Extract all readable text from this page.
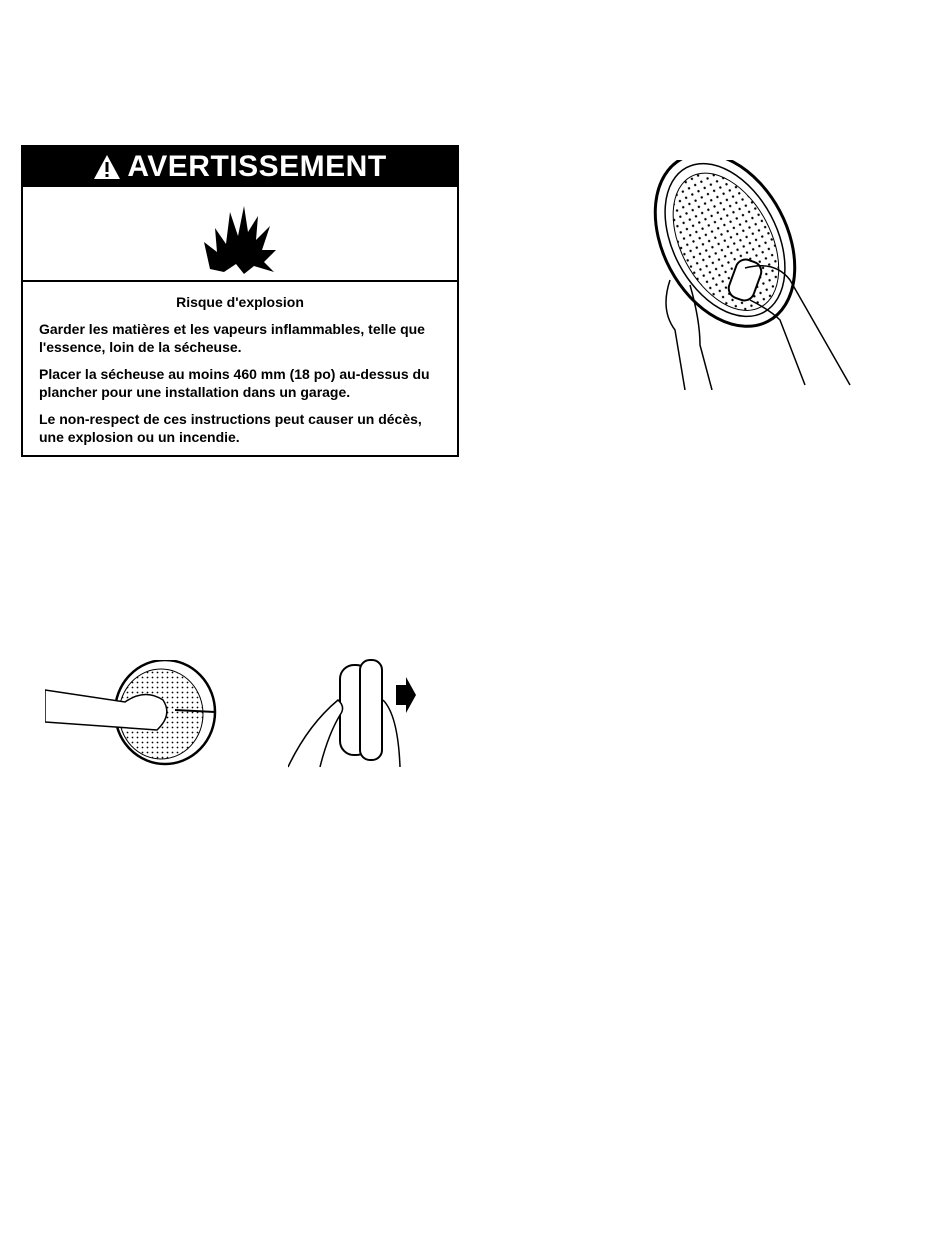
AVERTISSEMENT
Risque d'explosion
Garder les matières et les vapeurs inflammables, telle que l'essence, loin de la sécheuse.
Placer la sécheuse au moins 460 mm (18 po) au-dessus du plancher pour une installation dans un garage.
Le non-respect de ces instructions peut causer un décès, une explosion ou un incendie.
